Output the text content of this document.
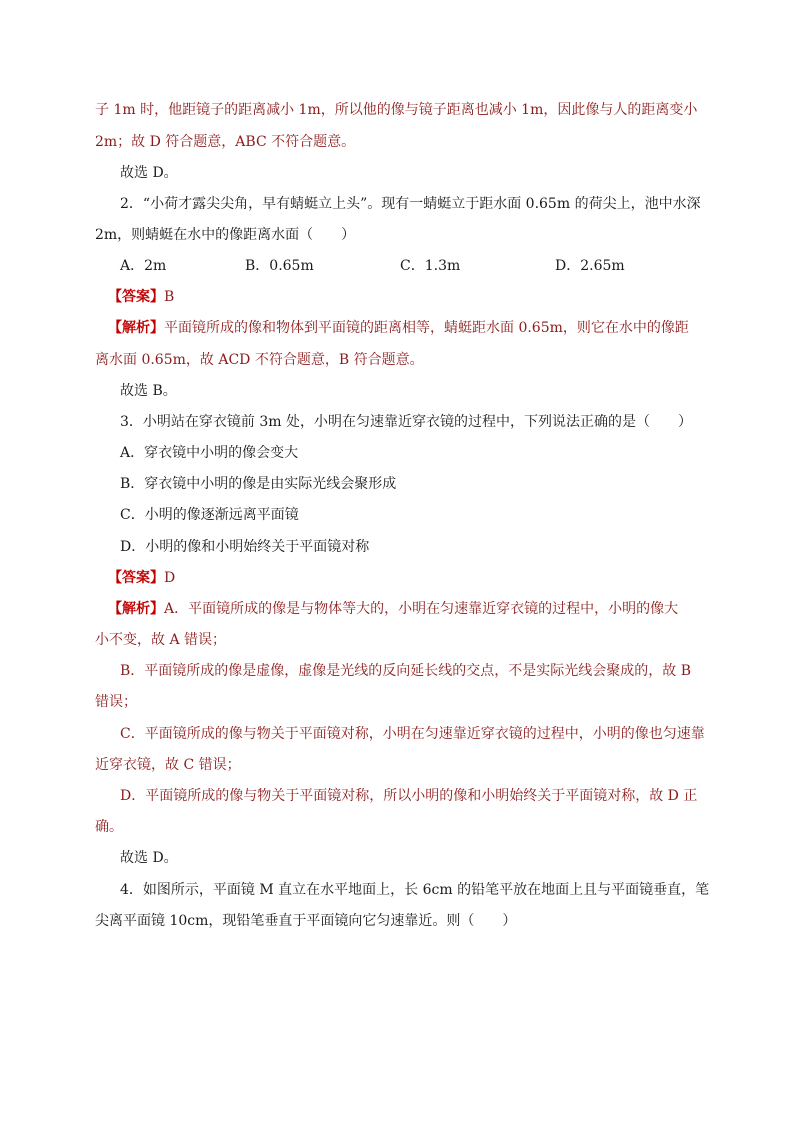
子 1m 时，他距镜子的距离减小 1m，所以他的像与镜子距离也减小 1m，因此像与人的距离变小
2m；故 D 符合题意，ABC 不符合题意。
故选 D。
2．“小荷才露尖尖角，早有蜻蜓立上头”。现有一蜻蜓立于距水面 0.65m 的荷尖上，池中水深
2m，则蜻蜓在水中的像距离水面（　　）
A．2m	B．0.65m	C．1.3m	D．2.65m
【答案】B
【解析】平面镜所成的像和物体到平面镜的距离相等，蜻蜓距水面 0.65m，则它在水中的像距
离水面 0.65m，故 ACD 不符合题意，B 符合题意。
故选 B。
3．小明站在穿衣镜前 3m 处，小明在匀速靠近穿衣镜的过程中，下列说法正确的是（　　）
A．穿衣镜中小明的像会变大
B．穿衣镜中小明的像是由实际光线会聚形成
C．小明的像逐渐远离平面镜
D．小明的像和小明始终关于平面镜对称
【答案】D
【解析】A．平面镜所成的像是与物体等大的，小明在匀速靠近穿衣镜的过程中，小明的像大
小不变，故 A 错误；
B．平面镜所成的像是虚像，虚像是光线的反向延长线的交点，不是实际光线会聚成的，故 B
错误；
C．平面镜所成的像与物关于平面镜对称，小明在匀速靠近穿衣镜的过程中，小明的像也匀速靠
近穿衣镜，故 C 错误；
D．平面镜所成的像与物关于平面镜对称，所以小明的像和小明始终关于平面镜对称，故 D 正
确。
故选 D。
4．如图所示，平面镜 M 直立在水平地面上，长 6cm 的铅笔平放在地面上且与平面镜垂直，笔
尖离平面镜 10cm，现铅笔垂直于平面镜向它匀速靠近。则（　　）
